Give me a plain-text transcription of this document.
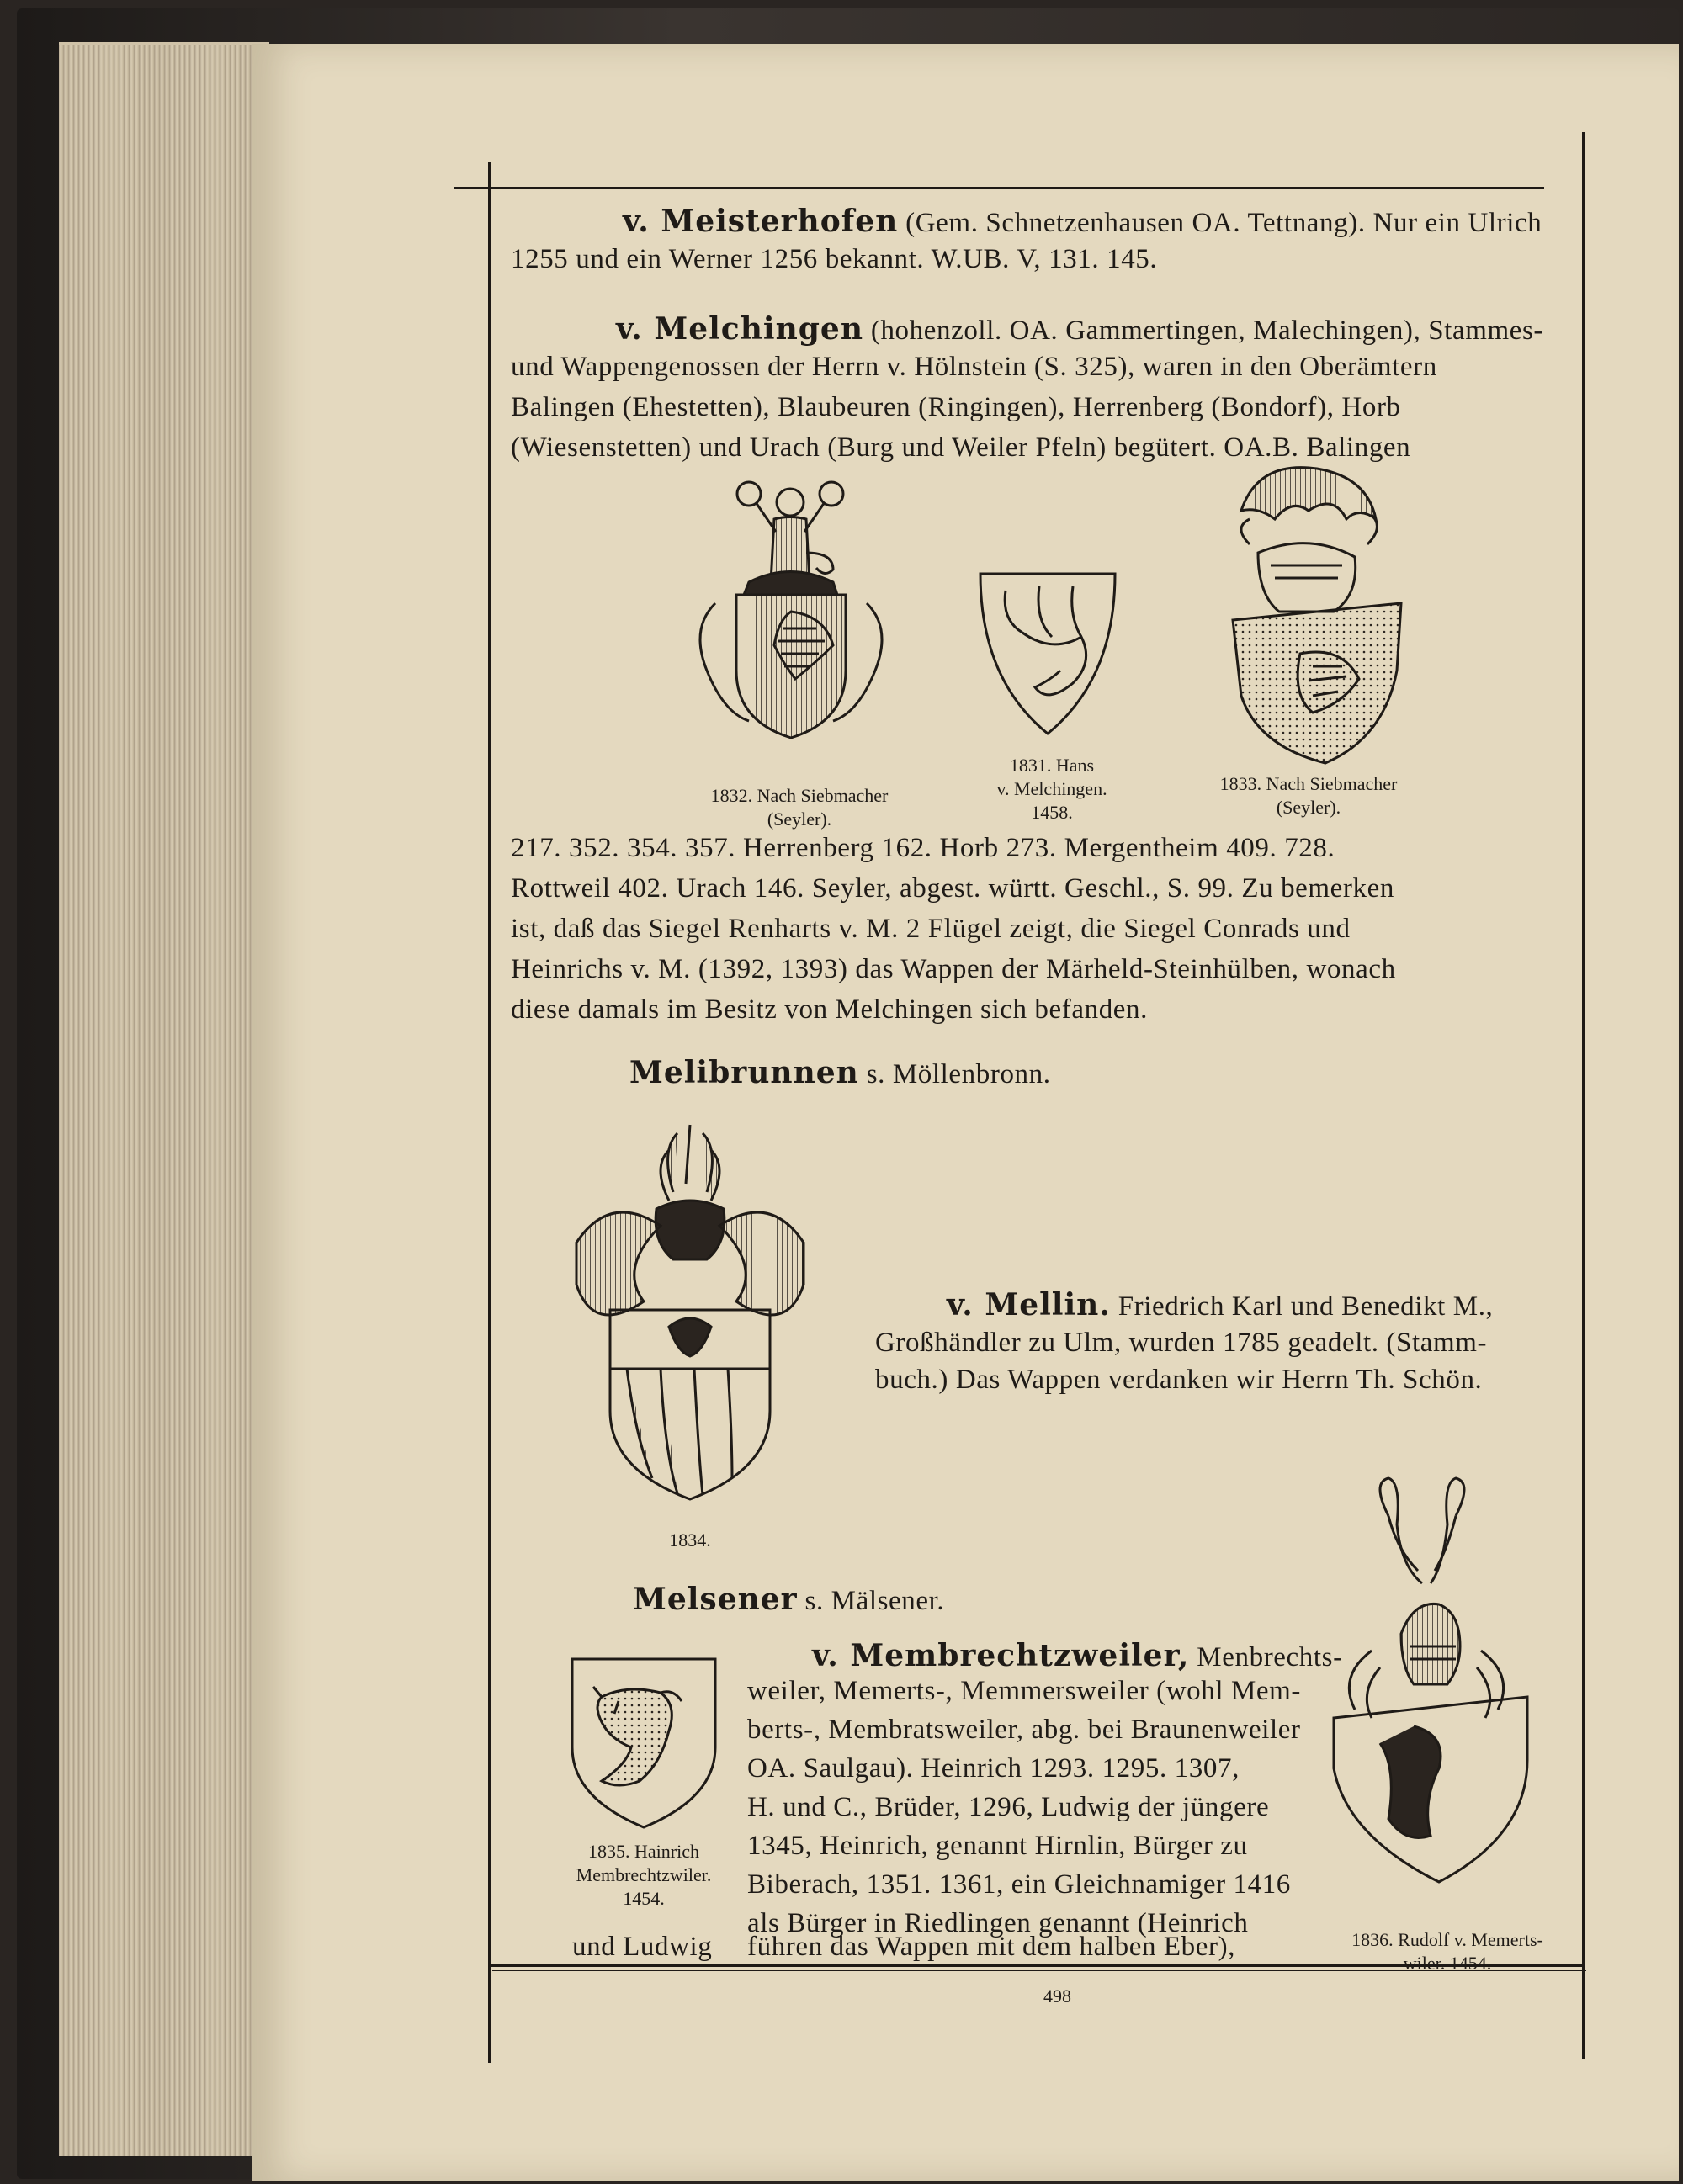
v. Meisterhofen (Gem. Schnetzenhausen OA. Tettnang). Nur ein Ulrich
1255 und ein Werner 1256 bekannt. W.UB. V, 131. 145.
v. Melchingen (hohenzoll. OA. Gammertingen, Malechingen), Stammes-
und Wappengenossen der Herrn v. Hölnstein (S. 325), waren in den Oberämtern
Balingen (Ehestetten), Blaubeuren (Ringingen), Herrenberg (Bondorf), Horb
(Wiesenstetten) und Urach (Burg und Weiler Pfeln) begütert. OA.B. Balingen
217. 352. 354. 357. Herrenberg 162. Horb 273. Mergentheim 409. 728.
Rottweil 402. Urach 146. Seyler, abgest. württ. Geschl., S. 99. Zu bemerken
ist, daß das Siegel Renharts v. M. 2 Flügel zeigt, die Siegel Conrads und
Heinrichs v. M. (1392, 1393) das Wappen der Märheld-Steinhülben, wonach
diese damals im Besitz von Melchingen sich befanden.
1832. Nach Siebmacher
(Seyler).
1831. Hans
v. Melchingen.
1458.
1833. Nach Siebmacher
(Seyler).
Melibrunnen s. Möllenbronn.
1834.
v. Mellin. Friedrich Karl und Benedikt M.,
Großhändler zu Ulm, wurden 1785 geadelt. (Stamm-
buch.) Das Wappen verdanken wir Herrn Th. Schön.
Melsener s. Mälsener.
1835. Hainrich
Membrechtzwiler.
1454.
v. Membrechtzweiler, Menbrechts-
weiler, Memerts-, Memmersweiler (wohl Mem-
berts-, Membratsweiler, abg. bei Braunenweiler
OA. Saulgau). Heinrich 1293. 1295. 1307,
H. und C., Brüder, 1296, Ludwig der jüngere
1345, Heinrich, genannt Hirnlin, Bürger zu
Biberach, 1351. 1361, ein Gleichnamiger 1416
als Bürger in Riedlingen genannt (Heinrich
und Ludwig führen das Wappen mit dem halben Eber),	1836. Rudolf v. Memerts-
wiler. 1454.
498
